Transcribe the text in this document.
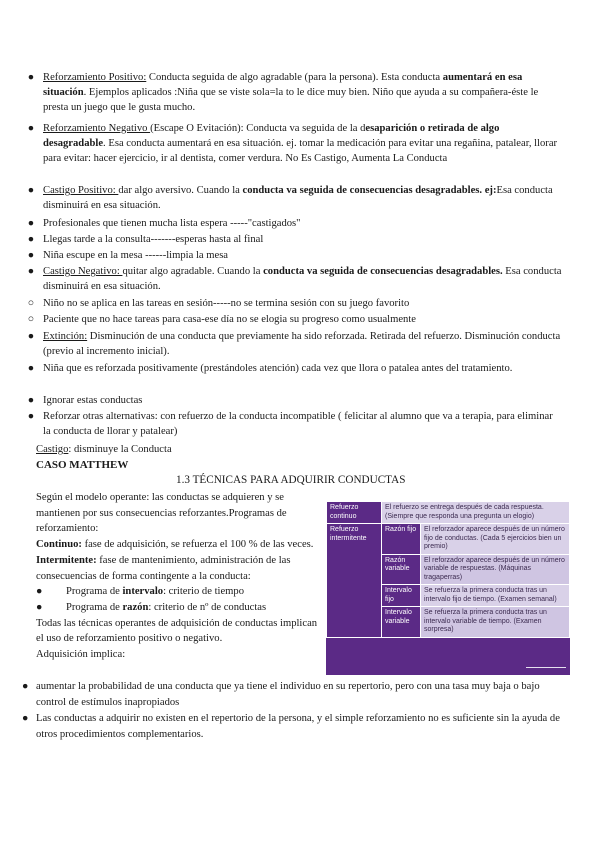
● Reforzamiento Positivo: Conducta seguida de algo agradable (para la persona). Esta conducta aumentará en esa situación. Ejemplos aplicados :Niña que se viste sola=la to le dice muy bien. Niño que ayuda a su compañera-éste le presta un juego que le gusta mucho.
● Reforzamiento Negativo (Escape O Evitación): Conducta va seguida de la desaparición o retirada de algo desagradable. Esa conducta aumentará en esa situación. ej. tomar la medicación para evitar una regañina, patalear, llorar para evitar: hacer ejercicio, ir al dentista, comer verdura. No Es Castigo, Aumenta La Conducta
● Castigo Positivo: dar algo aversivo. Cuando la conducta va seguida de consecuencias desagradables. ej:Esa conducta disminuirá en esa situación.
● Profesionales que tienen mucha lista espera -----"castigados"
● Llegas tarde a la consulta-------esperas hasta al final
● Niña escupe en la mesa ------limpia la mesa
● Castigo Negativo: quitar algo agradable. Cuando la conducta va seguida de consecuencias desagradables. Esa conducta disminuirá en esa situación.
○ Niño no se aplica en las tareas en sesión-----no se termina sesión con su juego favorito
○ Paciente que no hace tareas para casa-ese día no se elogia su progreso como usualmente
● Extinción: Disminución de una conducta que previamente ha sido reforzada. Retirada del refuerzo. Disminución conducta (previo al incremento inicial).
● Niña que es reforzada positivamente (prestándoles atención) cada vez que llora o patalea antes del tratamiento.
● Ignorar estas conductas
● Reforzar otras alternativas: con refuerzo de la conducta incompatible ( felicitar al alumno que va a terapia, para eliminar la conducta de llorar y patalear)
Castigo: disminuye la Conducta
CASO MATTHEW
1.3 TÉCNICAS PARA ADQUIRIR CONDUCTAS

Según el modelo operante: las conductas se adquieren y se mantienen por sus consecuencias reforzantes.Programas de reforzamiento:

Continuo: fase de adquisición, se refuerza el 100 % de las veces.

Intermitente: fase de mantenimiento, administración de las consecuencias de forma contingente a la conducta:

● Programa de intervalo: criterio de tiempo

● Programa de razón: criterio de nº de conductas

Todas las técnicas operantes de adquisición de conductas implican el uso de reforzamiento positivo o negativo.

Adquisición implica:

Refuerzo continuo	El refuerzo se entrega después de cada respuesta. (Siempre que responda una pregunta un elogio)	
Refuerzo intermitente	Razón fijo	El reforzador aparece después de un número fijo de conductas. (Cada 5 ejercicios bien un premio)
	Razón variable	El reforzador aparece después de un número variable de respuestas. (Máquinas tragaperras)
	Intervalo fijo	Se refuerza la primera conducta tras un intervalo fijo de tiempo. (Examen semanal)
	Intervalo variable	Se refuerza la primera conducta tras un intervalo variable de tiempo. (Examen sorpresa)
● aumentar la probabilidad de una conducta que ya tiene el individuo en su repertorio, pero con una tasa muy baja o bajo control de estímulos inapropiados
● Las conductas a adquirir no existen en el repertorio de la persona, y el simple reforzamiento no es suficiente sin la ayuda de otros procedimientos complementarios.
